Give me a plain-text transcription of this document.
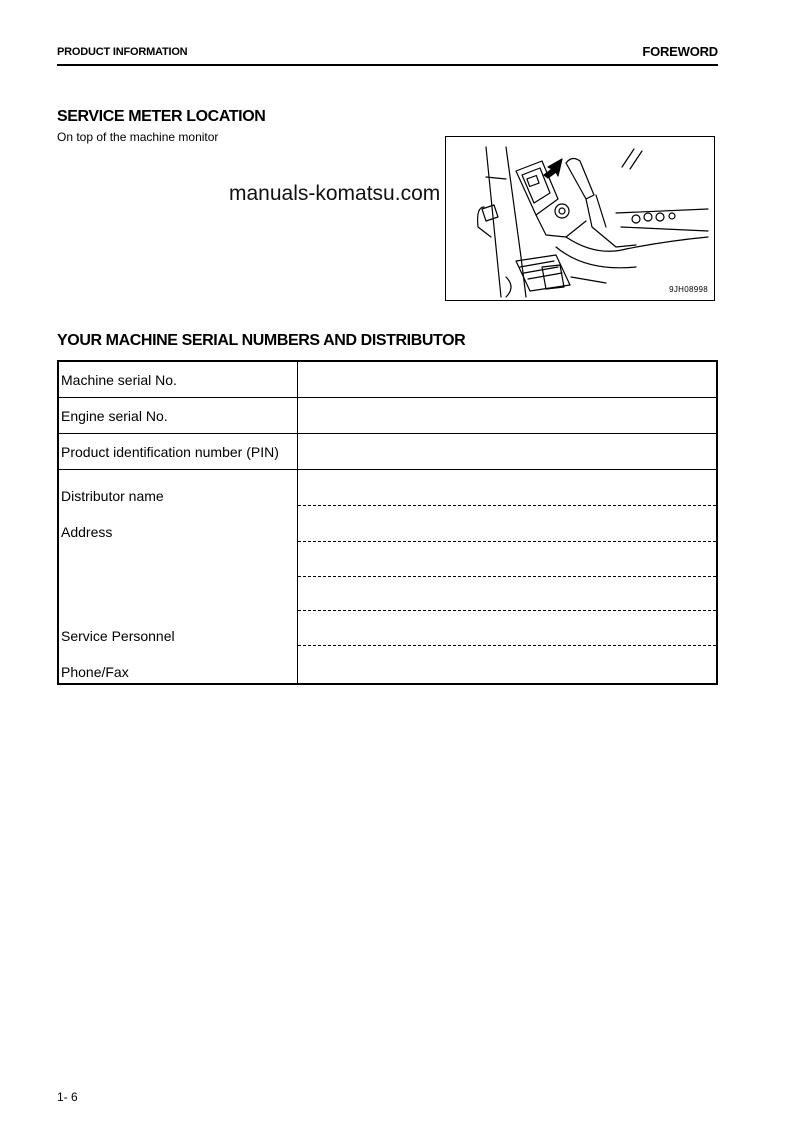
PRODUCT INFORMATION	FOREWORD
SERVICE METER LOCATION
On top of the machine monitor
manuals-komatsu.com
9JH08998
YOUR MACHINE SERIAL NUMBERS AND DISTRIBUTOR
Machine serial No.	
Engine serial No.	
Product identification number (PIN)	

Distributor name
Address
Service Personnel
Phone/Fax	

1- 6
